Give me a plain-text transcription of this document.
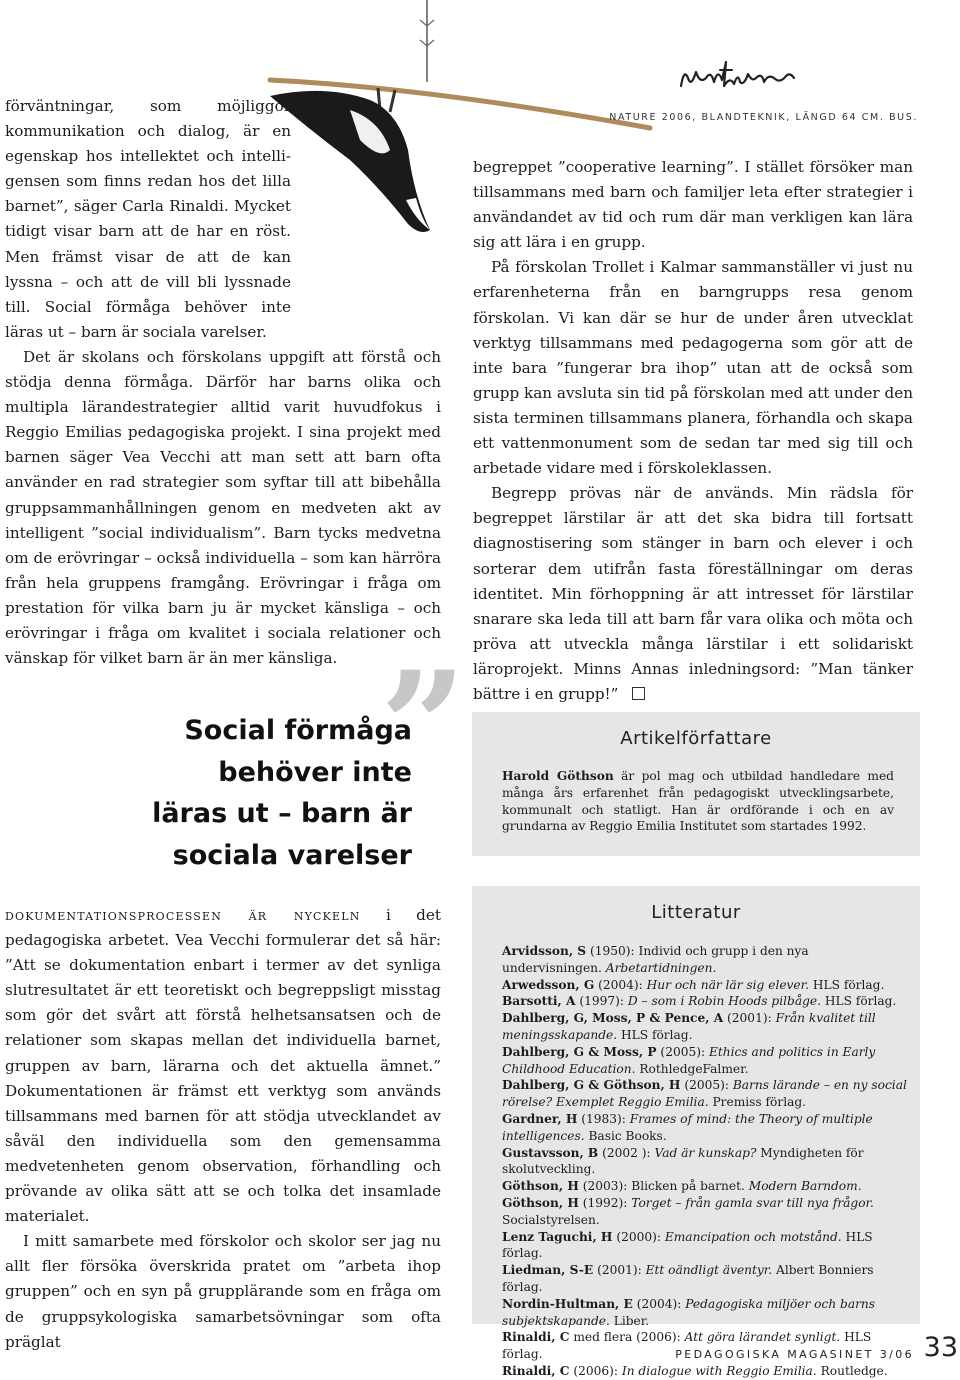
NATURE 2006, BLANDTEKNIK, LÄNGD 64 CM. BUS.

förväntningar, som möjliggör kommunikation och dialog, är en egenskap hos intellektet och intelligensen som finns redan hos det lilla barnet”, säger Carla Rinaldi. Mycket tidigt visar barn att de har en röst. Men främst visar de att de kan lyssna – och att de vill bli lyssnade till. Social förmåga behöver inte läras ut – barn är sociala varelser.

Det är skolans och förskolans uppgift att förstå och stödja denna förmåga. Därför har barns olika och multipla lärandestrategier alltid varit huvudfokus i Reggio Emilias pedagogiska projekt. I sina projekt med barnen säger Vea Vecchi att man sett att barn ofta använder en rad strategier som syftar till att bibehålla gruppsammanhållningen genom en medveten akt av intelligent ”social individualism”. Barn tycks medvetna om de erövringar – också individuella – som kan härröra från hela gruppens framgång. Erövringar i fråga om prestation för vilka barn ju är mycket känsliga – och erövringar i fråga om kvalitet i sociala relationer och vänskap för vilket barn är än mer känsliga.

begreppet ”cooperative learning”. I stället försöker man tillsammans med barn och familjer leta efter strategier i användandet av tid och rum där man verkligen kan lära sig att lära i en grupp.

På förskolan Trollet i Kalmar sammanställer vi just nu erfarenheterna från en barngrupps resa genom förskolan. Vi kan där se hur de under åren utvecklat verktyg tillsammans med pedagogerna som gör att de inte bara ”fungerar bra ihop” utan att de också som grupp kan avsluta sin tid på förskolan med att under den sista terminen tillsammans planera, förhandla och skapa ett vattenmonument som de sedan tar med sig till och arbetade vidare med i förskoleklassen.

Begrepp prövas när de används. Min rädsla för begreppet lärstilar är att det ska bidra till fortsatt diagnostisering som stänger in barn och elever i och sorterar dem utifrån fasta föreställningar om deras identitet. Min förhoppning är att intresset för lärstilar snarare ska leda till att barn får vara olika och möta och pröva att utveckla många lärstilar i ett solidariskt läroprojekt. Minns Annas inledningsord: ”Man tänker bättre i en grupp!”

”
Social förmåga
behöver inte
läras ut – barn är
sociala varelser
Artikelförfattare

Harold Göthson är pol mag och utbildad handledare med många års erfarenhet från pedagogiskt utvecklingsarbete, kommunalt och statligt. Han är ordförande i och en av grundarna av Reggio Emilia Institutet som startades 1992.

Litteratur
Arvidsson, S (1950): Individ och grupp i den nya undervisningen. Arbetartidningen.
Arwedsson, G (2004): Hur och när lär sig elever. HLS förlag.
Barsotti, A (1997): D – som i Robin Hoods pilbåge. HLS förlag.
Dahlberg, G, Moss, P & Pence, A (2001): Från kvalitet till meningsskapande. HLS förlag.
Dahlberg, G & Moss, P (2005): Ethics and politics in Early Childhood Education. RothledgeFalmer.
Dahlberg, G & Göthson, H (2005): Barns lärande – en ny social rörelse? Exemplet Reggio Emilia. Premiss förlag.
Gardner, H (1983): Frames of mind: the Theory of multiple intelligences. Basic Books.
Gustavsson, B (2002 ): Vad är kunskap? Myndigheten för skolutveckling.
Göthson, H (2003): Blicken på barnet. Modern Barndom.
Göthson, H (1992): Torget – från gamla svar till nya frågor. Socialstyrelsen.
Lenz Taguchi, H (2000): Emancipation och motstånd. HLS förlag.
Liedman, S-E (2001): Ett oändligt äventyr. Albert Bonniers förlag.
Nordin-Hultman, E (2004): Pedagogiska miljöer och barns subjektskapande. Liber.
Rinaldi, C med flera (2006): Att göra lärandet synligt. HLS förlag.
Rinaldi, C (2006): In dialogue with Reggio Emilia. Routledge.

dokumentationsprocessen är nyckeln i det pedagogiska arbetet. Vea Vecchi formulerar det så här: ”Att se dokumentation enbart i termer av det synliga slutresultatet är ett teoretiskt och begreppsligt misstag som gör det svårt att förstå helhetsansatsen och de relationer som skapas mellan det individuella barnet, gruppen av barn, lärarna och det aktuella ämnet.” Dokumentationen är främst ett verktyg som används tillsammans med barnen för att stödja utvecklandet av såväl den individuella som den gemensamma medvetenheten genom observation, förhandling och prövande av olika sätt att se och tolka det insamlade materialet.

I mitt samarbete med förskolor och skolor ser jag nu allt fler försöka överskrida pratet om ”arbeta ihop gruppen” och en syn på grupplärande som en fråga om de gruppsykologiska samarbetsövningar som ofta präglat

PEDAGOGISKA MAGASINET 3/06 33
